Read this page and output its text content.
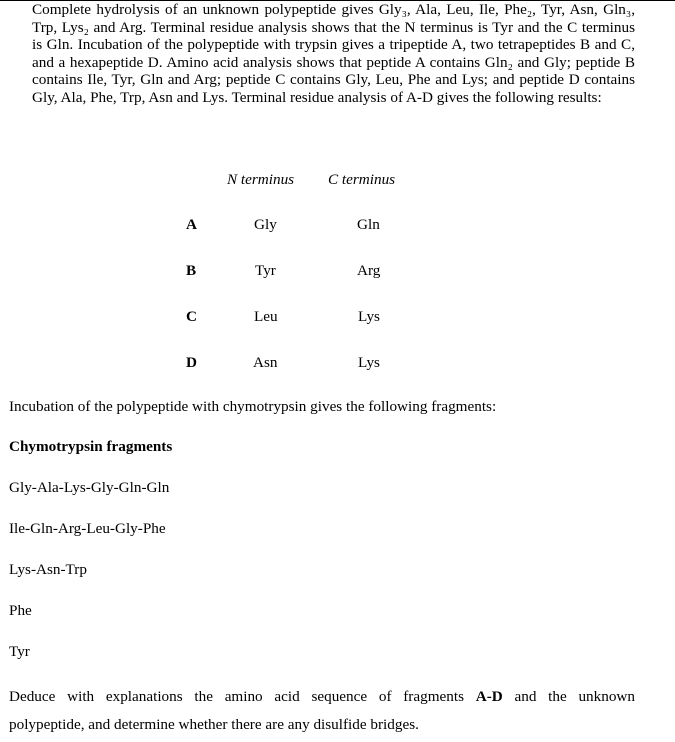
Complete hydrolysis of an unknown polypeptide gives Gly₃, Ala, Leu, Ile, Phe₂, Tyr, Asn, Gln₃, Trp, Lys₂ and Arg. Terminal residue analysis shows that the N terminus is Tyr and the C terminus is Gln. Incubation of the polypeptide with trypsin gives a tripeptide A, two tetrapeptides B and C, and a hexapeptide D. Amino acid analysis shows that peptide A contains Gln₂ and Gly; peptide B contains Ile, Tyr, Gln and Arg; peptide C contains Gly, Leu, Phe and Lys; and peptide D contains Gly, Ala, Phe, Trp, Asn and Lys. Terminal residue analysis of A-D gives the following results:
N terminus C terminus
A	Gly	Gln
B	Tyr	Arg
C	Leu	Lys
D	Asn	Lys
Incubation of the polypeptide with chymotrypsin gives the following fragments:
Chymotrypsin fragments
Gly-Ala-Lys-Gly-Gln-Gln
Ile-Gln-Arg-Leu-Gly-Phe
Lys-Asn-Trp
Phe
Tyr
Deduce with explanations the amino acid sequence of fragments A-D and the unknown
polypeptide, and determine whether there are any disulfide bridges.
